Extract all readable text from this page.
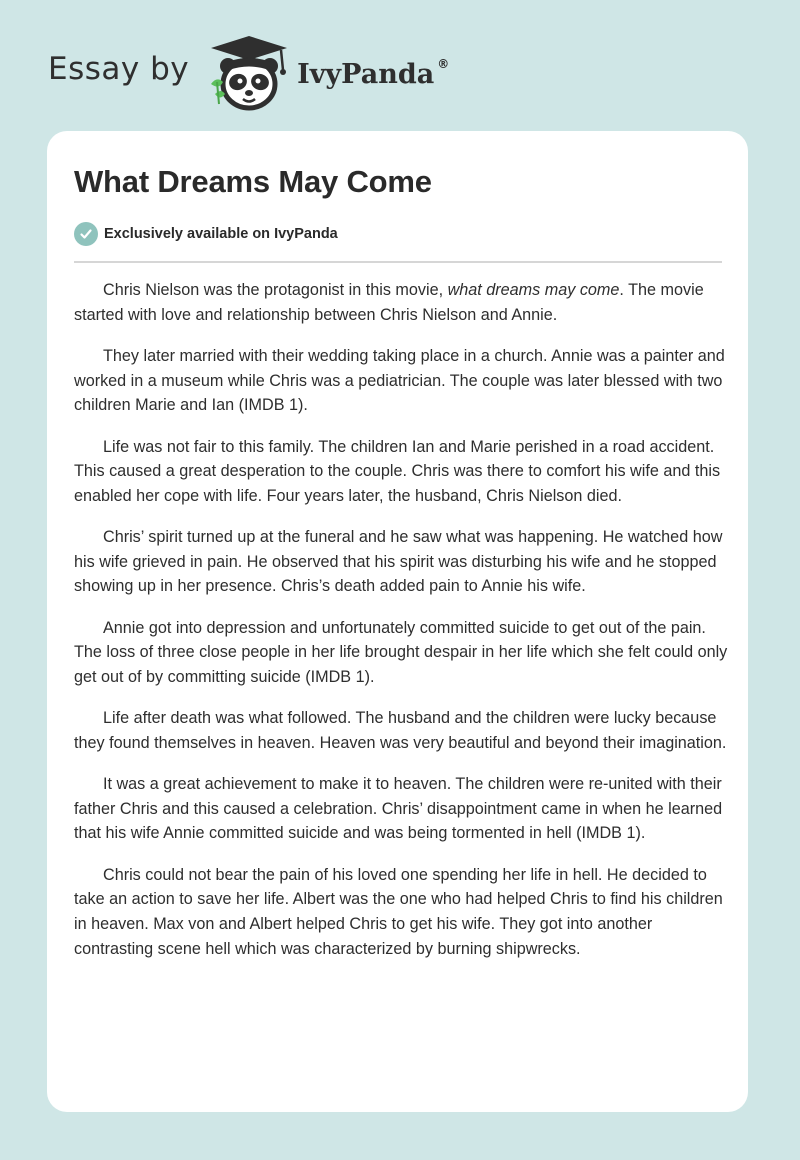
Essay by	IvyPanda ®
What Dreams May Come
Exclusively available on IvyPanda

Chris Nielson was the protagonist in this movie, what dreams may come. The movie started with love and relationship between Chris Nielson and Annie.

They later married with their wedding taking place in a church. Annie was a painter and worked in a museum while Chris was a pediatrician. The couple was later blessed with two children Marie and Ian (IMDB 1).

Life was not fair to this family. The children Ian and Marie perished in a road accident. This caused a great desperation to the couple. Chris was there to comfort his wife and this enabled her cope with life. Four years later, the husband, Chris Nielson died.

Chris’ spirit turned up at the funeral and he saw what was happening. He watched how his wife grieved in pain. He observed that his spirit was disturbing his wife and he stopped showing up in her presence. Chris’s death added pain to Annie his wife.

Annie got into depression and unfortunately committed suicide to get out of the pain. The loss of three close people in her life brought despair in her life which she felt could only get out of by committing suicide (IMDB 1).

Life after death was what followed. The husband and the children were lucky because they found themselves in heaven. Heaven was very beautiful and beyond their imagination.

It was a great achievement to make it to heaven. The children were re-united with their father Chris and this caused a celebration. Chris’ disappointment came in when he learned that his wife Annie committed suicide and was being tormented in hell (IMDB 1).

Chris could not bear the pain of his loved one spending her life in hell. He decided to take an action to save her life. Albert was the one who had helped Chris to find his children in heaven. Max von and Albert helped Chris to get his wife. They got into another contrasting scene hell which was characterized by burning shipwrecks.
